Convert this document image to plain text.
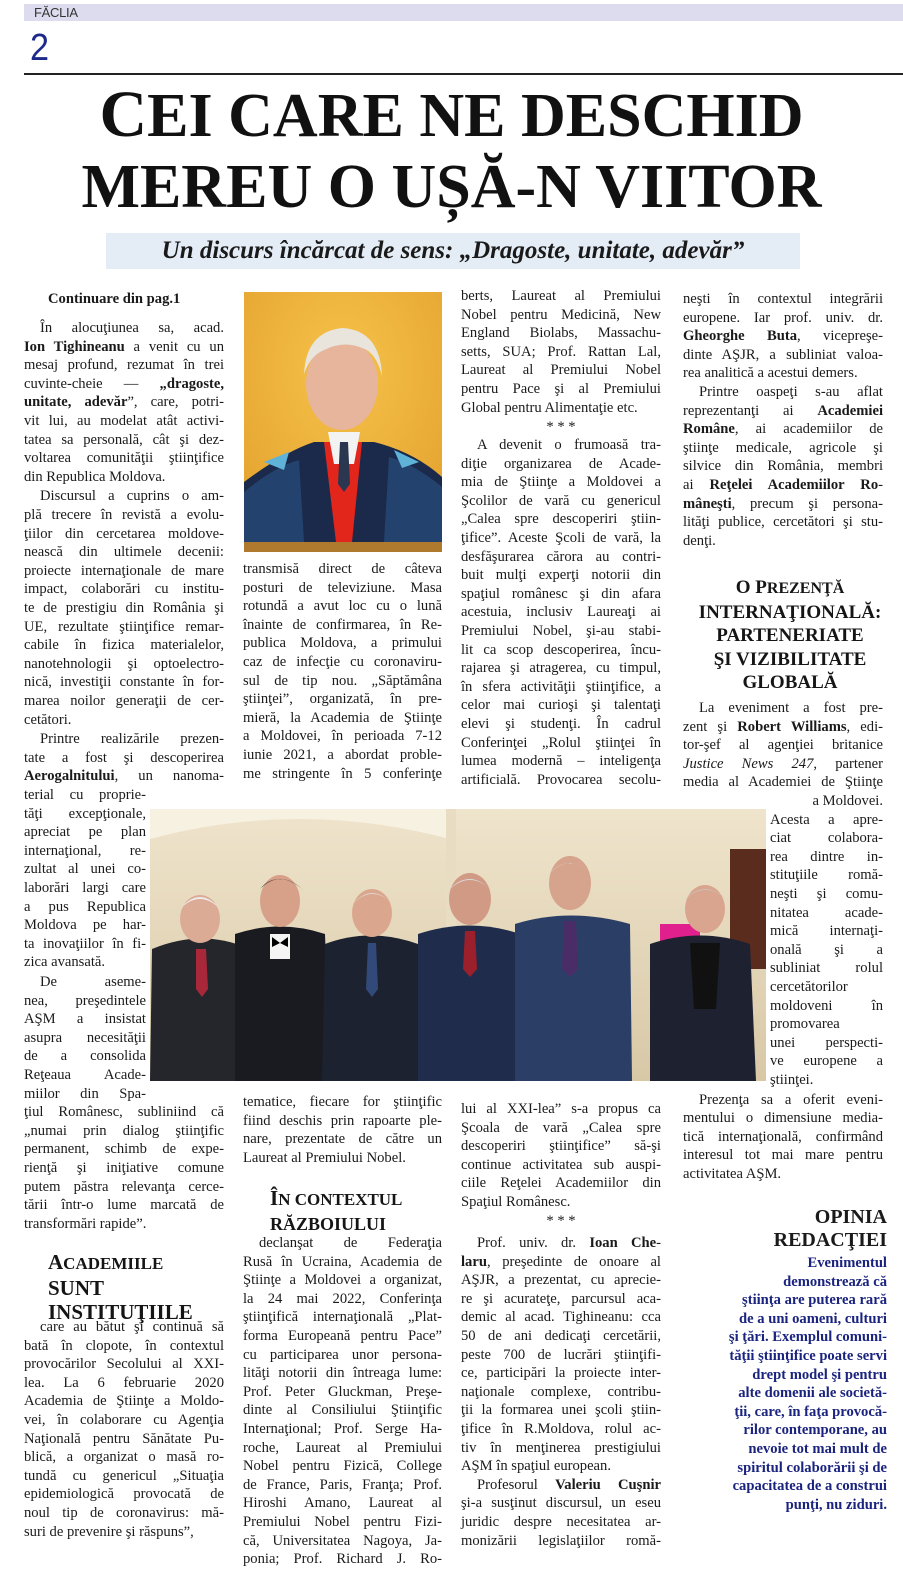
FĂCLIA
2
CEI CARE NE DESCHID
MEREU O UȘĂ-N VIITOR
Un discurs încărcat de sens: „Dragoste, unitate, adevăr”
Continuare din pag.1
În alocuţiunea sa, acad.
Ion Tighineanu a venit cu un
mesaj profund, rezumat în trei
cuvinte-cheie — „dragoste,
unitate, adevăr”, care, potri-
vit lui, au modelat atât activi-
tatea sa personală, cât şi dez-
voltarea comunităţii ştiinţifice
din Republica Moldova.
Discursul a cuprins o am-
plă trecere în revistă a evolu-
ţiilor din cercetarea moldove-
nească din ultimele decenii:
proiecte internaţionale de mare
impact, colaborări cu institu-
te de prestigiu din România şi
UE, rezultate ştiinţifice remar-
cabile în fizica materialelor,
nanotehnologii şi optoelectro-
nică, investiţii constante în for-
marea noilor generaţii de cer-
cetători.
Printre realizările prezen-
tate a fost şi descoperirea
Aerogalnitului, un nanoma-
terial cu proprie-
tăţi excepţionale,
apreciat pe plan
internaţional, re-
zultat al unei co-
laborări largi care
a pus Republica
Moldova pe har-
ta inovaţiilor în fi-
zica avansată.
De aseme-
nea, preşedintele
AŞM a insistat
asupra necesităţii
de a consolida
Reţeaua Acade-
miilor din Spa-
ţiul Românesc, subliniind că
„numai prin dialog ştiinţific
permanent, schimb de expe-
rienţă şi iniţiative comune
putem păstra relevanţa cerce-
tării într-o lume marcată de
transformări rapide”.
care au bătut şi continuă să
bată în clopote, în contextul
provocărilor Secolului al XXI-
lea. La 6 februarie 2020
Academia de Ştiinţe a Moldo-
vei, în colaborare cu Agenţia
Naţională pentru Sănătate Pu-
blică, a organizat o masă ro-
tundă cu genericul „Situaţia
epidemiologică provocată de
noul tip de coronavirus: mă-
suri de prevenire şi răspuns”,
transmisă direct de câteva
posturi de televiziune. Masa
rotundă a avut loc cu o lună
înainte de confirmarea, în Re-
publica Moldova, a primului
caz de infecţie cu coronaviru-
sul de tip nou. „Săptămâna
ştiinţei”, organizată, în pre-
mieră, la Academia de Ştiinţe
a Moldovei, în perioada 7-12
iunie 2021, a abordat proble-
me stringente în 5 conferinţe
tematice, fiecare for ştiinţific
fiind deschis prin rapoarte ple-
nare, prezentate de către un
Laureat al Premiului Nobel.
declanşat de Federaţia
Rusă în Ucraina, Academia de
Ştiinţe a Moldovei a organizat,
la 24 mai 2022, Conferinţa
ştiinţifică internaţională „Plat-
forma Europeană pentru Pace”
cu participarea unor persona-
lităţi notorii din întreaga lume:
Prof. Peter Gluckman, Preşe-
dinte al Consiliului Ştiinţific
Internaţional; Prof. Serge Ha-
roche, Laureat al Premiului
Nobel pentru Fizică, College
de France, Paris, Franţa; Prof.
Hiroshi Amano, Laureat al
Premiului Nobel pentru Fizi-
că, Universitatea Nagoya, Ja-
ponia; Prof. Richard J. Ro-
berts, Laureat al Premiului
Nobel pentru Medicină, New
England Biolabs, Massachu-
setts, SUA; Prof. Rattan Lal,
Laureat al Premiului Nobel
pentru Pace şi al Premiului
Global pentru Alimentaţie etc.
* * *
A devenit o frumoasă tra-
diţie organizarea de Acade-
mia de Ştiinţe a Moldovei a
Şcolilor de vară cu genericul
„Calea spre descoperiri ştiin-
ţifice”. Aceste Şcoli de vară, la
desfăşurarea cărora au contri-
buit mulţi experţi notorii din
spaţiul românesc şi din afara
acestuia, inclusiv Laureaţi ai
Premiului Nobel, şi-au stabi-
lit ca scop descoperirea, încu-
rajarea şi atragerea, cu timpul,
în sfera activităţii ştiinţifice, a
celor mai curioşi şi talentaţi
elevi şi studenţi. În cadrul
Conferinţei „Rolul ştiinţei în
lumea modernă – inteligenţa
artificială. Provocarea secolu-
lui al XXI-lea” s-a propus ca
Şcoala de vară „Calea spre
descoperiri ştiinţifice” să-şi
continue activitatea sub auspi-
ciile Reţelei Academiilor din
Spaţiul Românesc.
* * *
Prof. univ. dr. Ioan Che-
laru, preşedinte de onoare al
AŞJR, a prezentat, cu aprecie-
re şi acurateţe, parcursul aca-
demic al acad. Tighineanu: cca
50 de ani dedicaţi cercetării,
peste 700 de lucrări ştiinţifi-
ce, participări la proiecte inter-
naţionale complexe, contribu-
ţii la formarea unei şcoli ştiin-
ţifice în R.Moldova, rolul ac-
tiv în menţinerea prestigiului
AŞM în spaţiul european.
Profesorul Valeriu Cuşnir
şi-a susţinut discursul, un eseu
juridic despre necesitatea ar-
monizării legislaţiilor romă-
neşti în contextul integrării
europene. Iar prof. univ. dr.
Gheorghe Buta, vicepreşe-
dinte AŞJR, a subliniat valoa-
rea analitică a acestui demers.
Printre oaspeţi s-au aflat
reprezentanţi ai Academiei
Române, ai academiilor de
ştiinţe medicale, agricole şi
silvice din România, membri
ai Reţelei Academiilor Ro-
mâneşti, precum şi persona-
lităţi publice, cercetători şi stu-
denţi.
La eveniment a fost pre-
zent şi Robert Williams, edi-
tor-şef al agenţiei britanice
Justice News 247, partener
media al Academiei de Ştiinţe
a Moldovei.
Acesta a apre-
ciat colabora-
rea dintre in-
stituţiile romă-
neşti şi comu-
nitatea acade-
mică internaţi-
onală şi a
subliniat rolul
cercetătorilor
moldoveni în
promovarea
unei perspecti-
ve europene a
ştiinţei.
Prezenţa sa a oferit eveni-
mentului o dimensiune media-
tică internaţională, confirmând
interesul tot mai mare pentru
activitatea AŞM.
ACADEMIILE
SUNT
INSTITUŢIILE
ÎN CONTEXTUL
RĂZBOIULUI
O PREZENŢĂ
INTERNAŢIONALĂ:
PARTENERIATE
ŞI VIZIBILITATE
GLOBALĂ
OPINIA
REDACŢIEI
Evenimentul
demonstrează că
ştiinţa are puterea rară
de a uni oameni, culturi
şi ţări. Exemplul comuni-
tăţii ştiinţifice poate servi
drept model şi pentru
alte domenii ale societă-
ţii, care, în faţa provocă-
rilor contemporane, au
nevoie tot mai mult de
spiritul colaborării şi de
capacitatea de a construi
punţi, nu ziduri.
